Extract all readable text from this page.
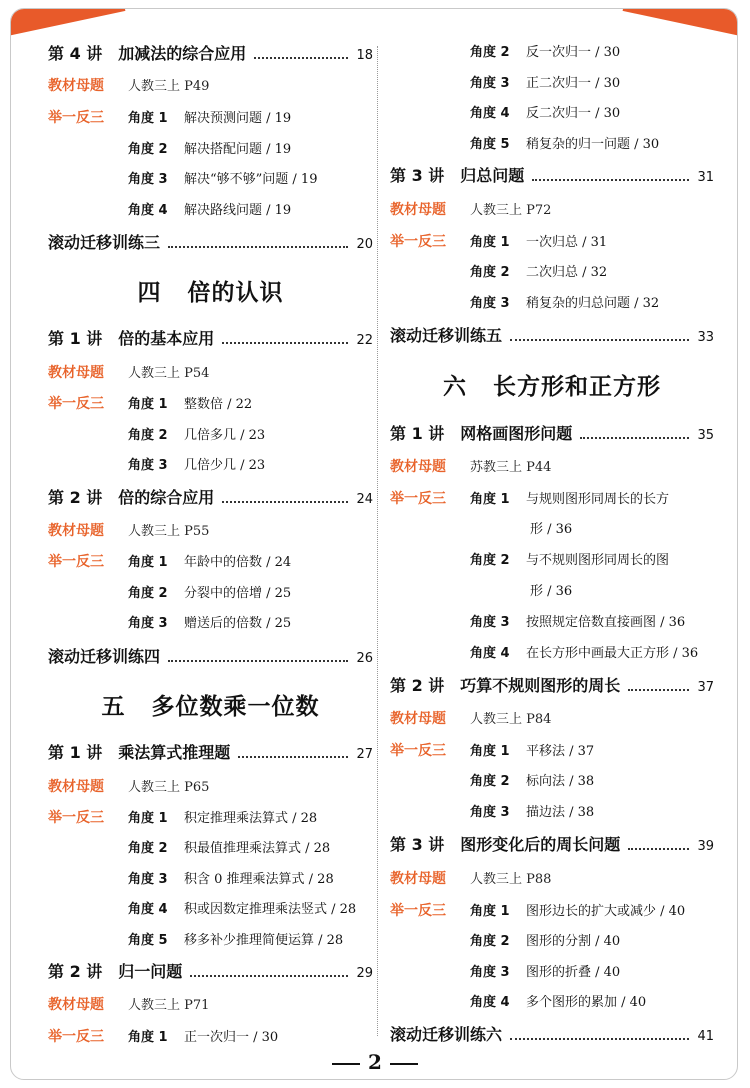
第 4 讲 加减法的综合应用	18
教材母题 人教三上 P49
举一反三	角度 1	解决预测问题 / 19
角度 2	解决搭配问题 / 19
角度 3	解决“够不够”问题 / 19
角度 4	解决路线问题 / 19
滚动迁移训练三	20
四 倍的认识
第 1 讲 倍的基本应用	22
教材母题 人教三上 P54
举一反三	角度 1	整数倍 / 22
角度 2	几倍多几 / 23
角度 3	几倍少几 / 23
第 2 讲 倍的综合应用	24
教材母题 人教三上 P55
举一反三	角度 1	年龄中的倍数 / 24
角度 2	分裂中的倍增 / 25
角度 3	赠送后的倍数 / 25
滚动迁移训练四	26
五 多位数乘一位数
第 1 讲 乘法算式推理题	27
教材母题 人教三上 P65
举一反三	角度 1	积定推理乘法算式 / 28
角度 2	积最值推理乘法算式 / 28
角度 3	积含 0 推理乘法算式 / 28
角度 4	积或因数定推理乘法竖式 / 28
角度 5	移多补少推理简便运算 / 28
第 2 讲 归一问题	29
教材母题 人教三上 P71
举一反三	角度 1	正一次归一 / 30
角度 2	反一次归一 / 30
角度 3	正二次归一 / 30
角度 4	反二次归一 / 30
角度 5	稍复杂的归一问题 / 30
第 3 讲 归总问题	31
教材母题 人教三上 P72
举一反三	角度 1	一次归总 / 31
角度 2	二次归总 / 32
角度 3	稍复杂的归总问题 / 32
滚动迁移训练五	33
六 长方形和正方形
第 1 讲 网格画图形问题	35
教材母题 苏教三上 P44
举一反三	角度 1	与规则图形同周长的长方
形 / 36
角度 2	与不规则图形同周长的图
形 / 36
角度 3	按照规定倍数直接画图 / 36
角度 4	在长方形中画最大正方形 / 36
第 2 讲 巧算不规则图形的周长	37
教材母题 人教三上 P84
举一反三	角度 1	平移法 / 37
角度 2	标向法 / 38
角度 3	描边法 / 38
第 3 讲 图形变化后的周长问题	39
教材母题 人教三上 P88
举一反三	角度 1	图形边长的扩大或减少 / 40
角度 2	图形的分割 / 40
角度 3	图形的折叠 / 40
角度 4	多个图形的累加 / 40
滚动迁移训练六	41
2
